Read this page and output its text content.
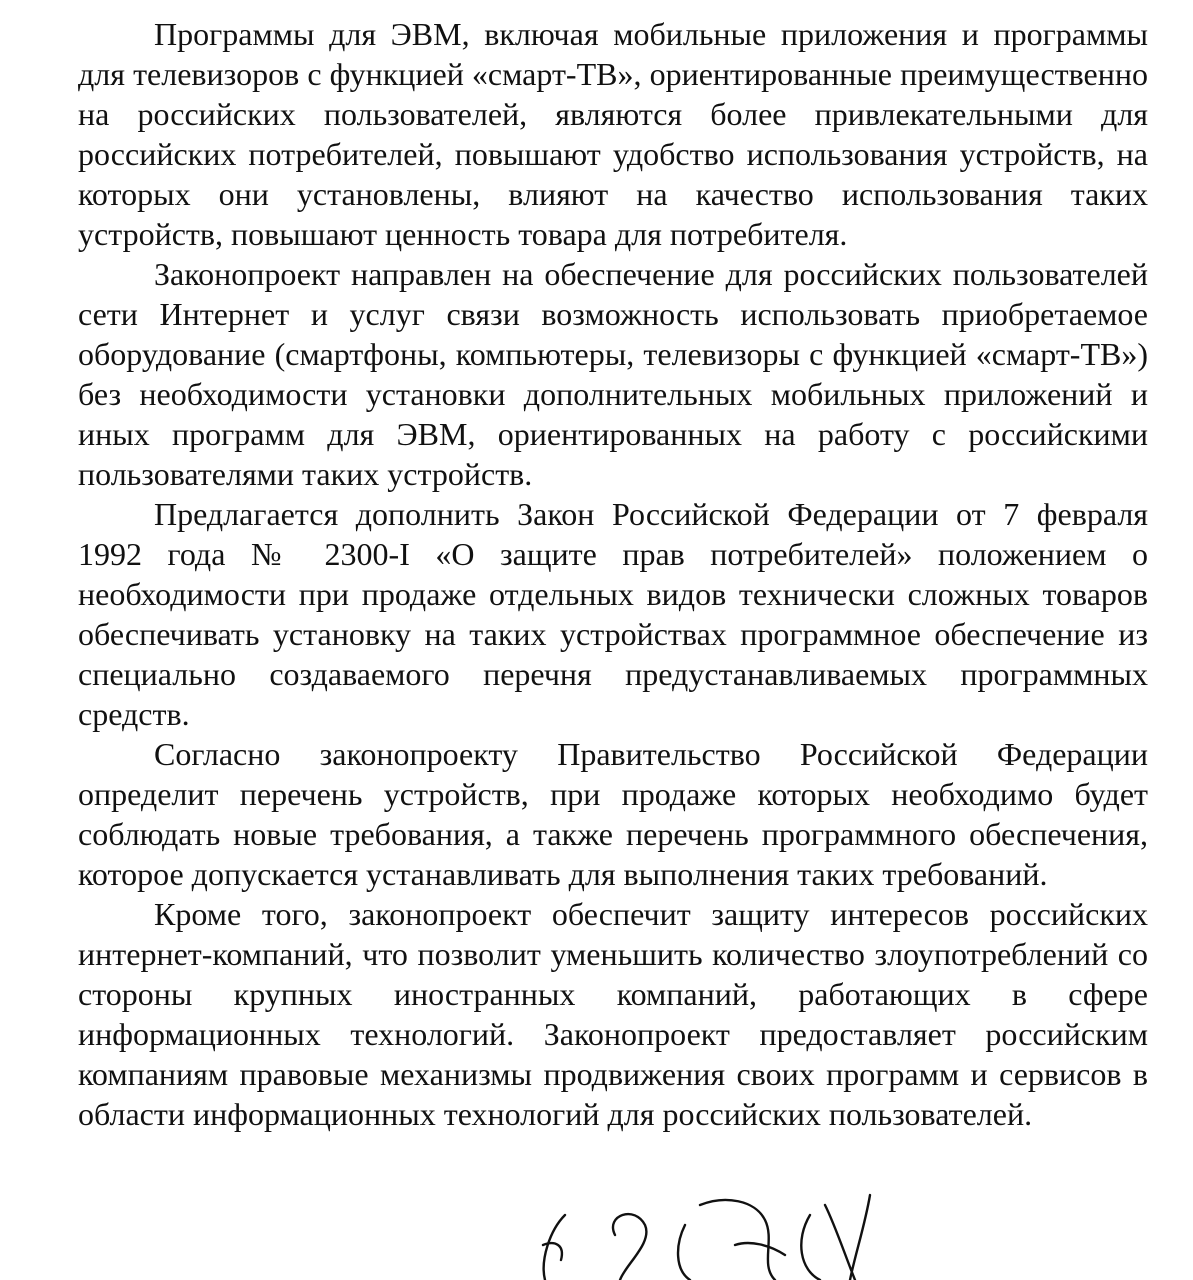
Программы для ЭВМ, включая мобильные приложения и программы для телевизоров с функцией «смарт-ТВ», ориентированные преимущественно на российских пользователей, являются более привлекательными для российских потребителей, повышают удобство использования устройств, на которых они установлены, влияют на качество использования таких устройств, повышают ценность товара для потребителя.

Законопроект направлен на обеспечение для российских пользователей сети Интернет и услуг связи возможность использовать приобретаемое оборудование (смартфоны, компьютеры, телевизоры с функцией «смарт-ТВ») без необходимости установки дополнительных мобильных приложений и иных программ для ЭВМ, ориентированных на работу с российскими пользователями таких устройств.

Предлагается дополнить Закон Российской Федерации от 7 февраля 1992 года № 2300-I «О защите прав потребителей» положением о необходимости при продаже отдельных видов технически сложных товаров обеспечивать установку на таких устройствах программное обеспечение из специально создаваемого перечня предустанавливаемых программных средств.

Согласно законопроекту Правительство Российской Федерации определит перечень устройств, при продаже которых необходимо будет соблюдать новые требования, а также перечень программного обеспечения, которое допускается устанавливать для выполнения таких требований.

Кроме того, законопроект обеспечит защиту интересов российских интернет-компаний, что позволит уменьшить количество злоупотреблений со стороны крупных иностранных компаний, работающих в сфере информационных технологий. Законопроект предоставляет российским компаниям правовые механизмы продвижения своих программ и сервисов в области информационных технологий для российских пользователей.
